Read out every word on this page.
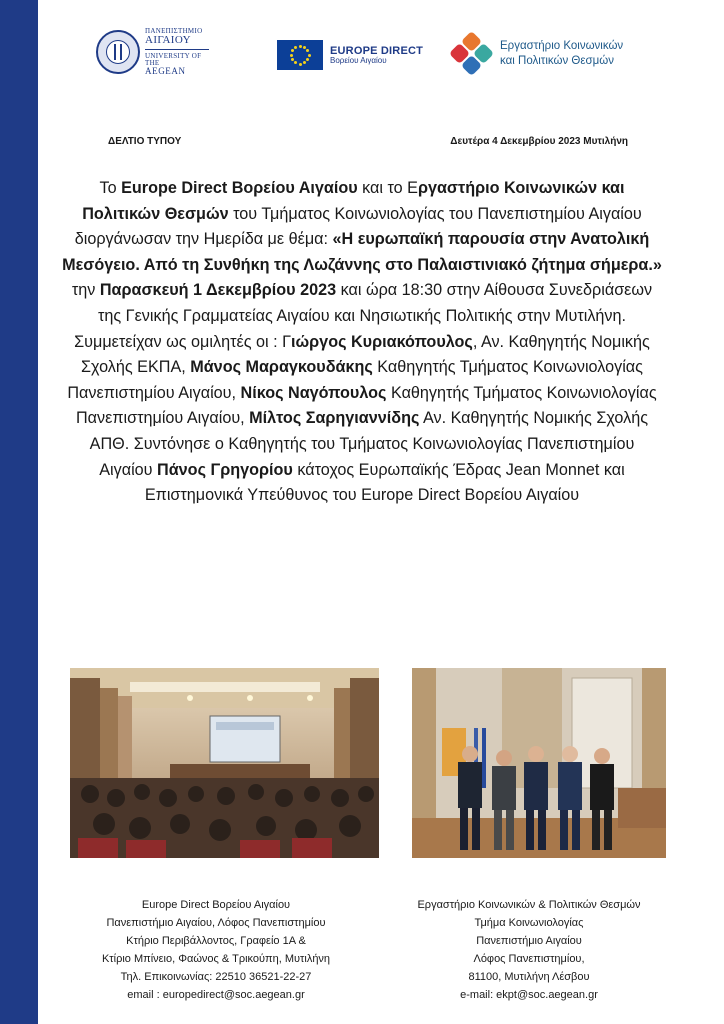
ΠΑΝΕΠΙΣΤΗΜΙΟ
ΑΙΓΑΙΟΥ
UNIVERSITY OF THE
AEGEAN
EUROPE DIRECT
Βορείου Αιγαίου
Εργαστήριο Κοινωνικών
και Πολιτικών Θεσμών
ΔΕΛΤΙΟ ΤΥΠΟΥ	Δευτέρα 4 Δεκεμβρίου 2023 Μυτιλήνη
Το Europe Direct Βορείου Αιγαίου και το Εργαστήριο Κοινωνικών και Πολιτικών Θεσμών του Τμήματος Κοινωνιολογίας του Πανεπιστημίου Αιγαίου διοργάνωσαν την Ημερίδα με θέμα: «Η ευρωπαϊκή παρουσία στην Ανατολική Μεσόγειο. Από τη Συνθήκη της Λωζάννης στο Παλαιστινιακό ζήτημα σήμερα.» την Παρασκευή 1 Δεκεμβρίου 2023 και ώρα 18:30 στην Αίθουσα Συνεδριάσεων της Γενικής Γραμματείας Αιγαίου και Νησιωτικής Πολιτικής στην Μυτιλήνη. Συμμετείχαν ως ομιλητές οι : Γιώργος Κυριακόπουλος, Αν. Καθηγητής Νομικής Σχολής ΕΚΠΑ, Μάνος Μαραγκουδάκης Καθηγητής Τμήματος Κοινωνιολογίας Πανεπιστημίου Αιγαίου, Νίκος Ναγόπουλος Καθηγητής Τμήματος Κοινωνιολογίας Πανεπιστημίου Αιγαίου, Μίλτος Σαρηγιαννίδης Αν. Καθηγητής Νομικής Σχολής ΑΠΘ. Συντόνησε ο Καθηγητής του Τμήματος Κοινωνιολογίας Πανεπιστημίου Αιγαίου Πάνος Γρηγορίου κάτοχος Ευρωπαϊκής Έδρας Jean Monnet και Επιστημονικά Υπεύθυνος του Europe Direct Βορείου Αιγαίου
Europe Direct Βορείου Αιγαίου
Πανεπιστήμιο Αιγαίου, Λόφος Πανεπιστημίου
Κτήριο Περιβάλλοντος, Γραφείο 1Α &
Κτίριο Μπίνειο, Φαώνος & Τρικούπη, Μυτιλήνη
Τηλ. Επικοινωνίας: 22510 36521-22-27
email : europedirect@soc.aegean.gr
Εργαστήριο Κοινωνικών & Πολιτικών Θεσμών
Τμήμα Κοινωνιολογίας
Πανεπιστήμιο Αιγαίου
Λόφος Πανεπιστημίου,
81100, Μυτιλήνη Λέσβου
e-mail: ekpt@soc.aegean.gr
